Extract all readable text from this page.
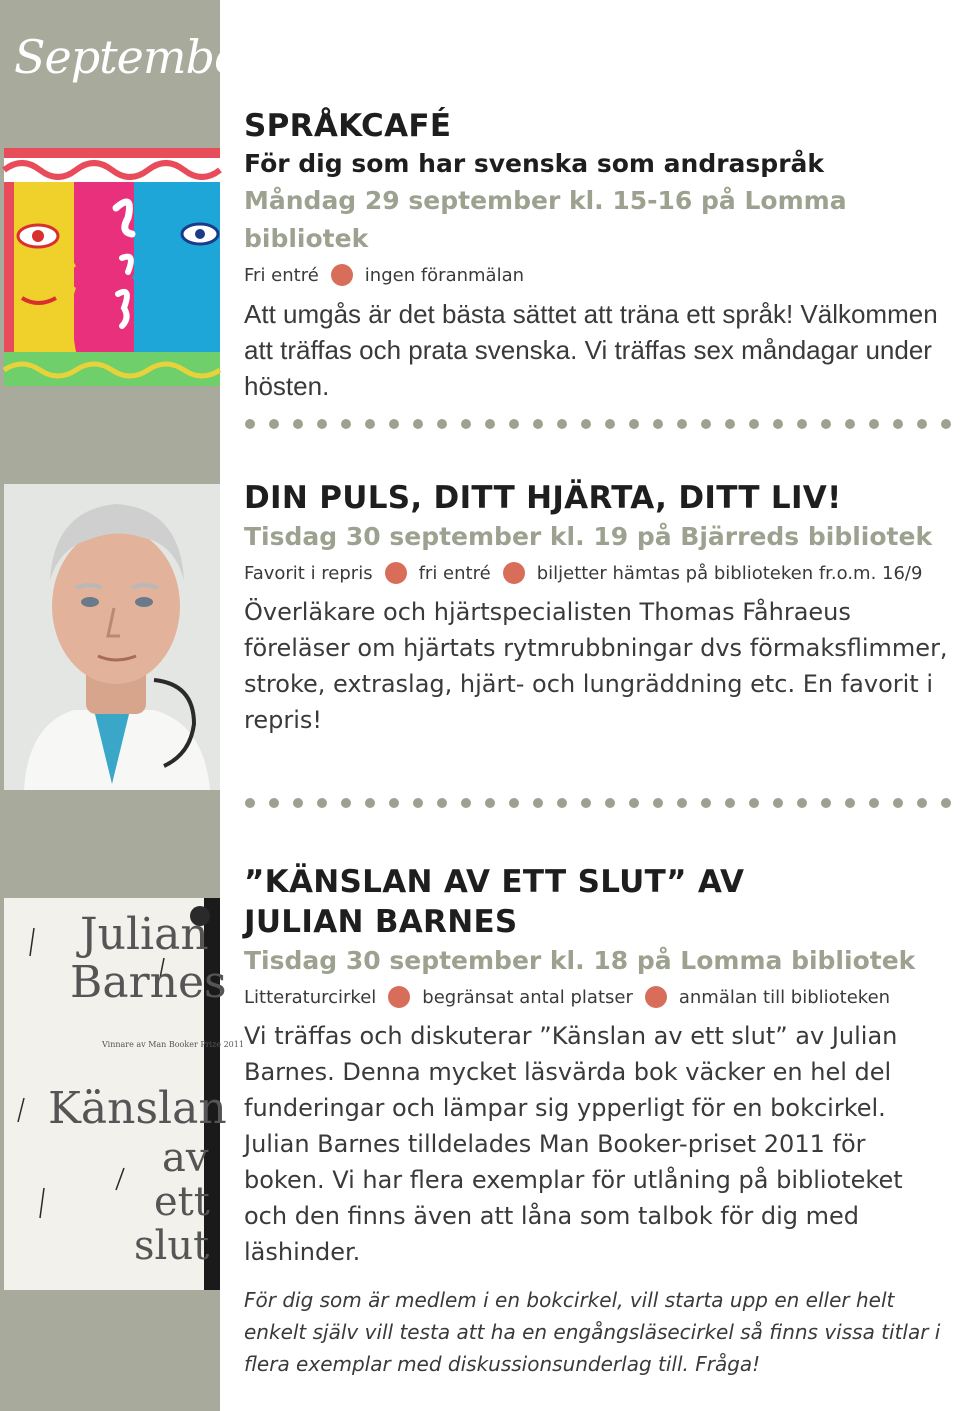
September
Julian
Barnes
Vinnare av Man Booker Prize 2011
Känslan
av
ett
slut
SPRÅKCAFÉ

För dig som har svenska som andraspråk

Måndag 29 september kl. 15-16 på Lomma bibliotek

Fri entré	ingen föranmälan

Att umgås är det bästa sättet att träna ett språk! Välkommen att träffas och prata svenska. Vi träffas sex måndagar under hösten.

DIN PULS, DITT HJÄRTA, DITT LIV!

Tisdag 30 september kl. 19 på Bjärreds bibliotek

Favorit i repris	fri entré	biljetter hämtas på biblioteken fr.o.m. 16/9

Överläkare och hjärtspecialisten Thomas Fåhraeus föreläser om hjärtats rytmrubbningar dvs förmaksflimmer, stroke, extraslag, hjärt- och lungräddning etc. En favorit i repris!

”KÄNSLAN AV ETT SLUT” AV
JULIAN BARNES

Tisdag 30 september kl. 18 på Lomma bibliotek

Litteraturcirkel	begränsat antal platser	anmälan till biblioteken

Vi träffas och diskuterar ”Känslan av ett slut” av Julian Barnes. Denna mycket läsvärda bok väcker en hel del funderingar och lämpar sig ypperligt för en bokcirkel. Julian Barnes tilldelades Man Booker-priset 2011 för boken. Vi har flera exemplar för utlåning på biblioteket och den finns även att låna som talbok för dig med läshinder.

För dig som är medlem i en bokcirkel, vill starta upp en eller helt enkelt själv vill testa att ha en engångsläsecirkel så finns vissa titlar i flera exemplar med diskussionsunderlag till. Fråga!
